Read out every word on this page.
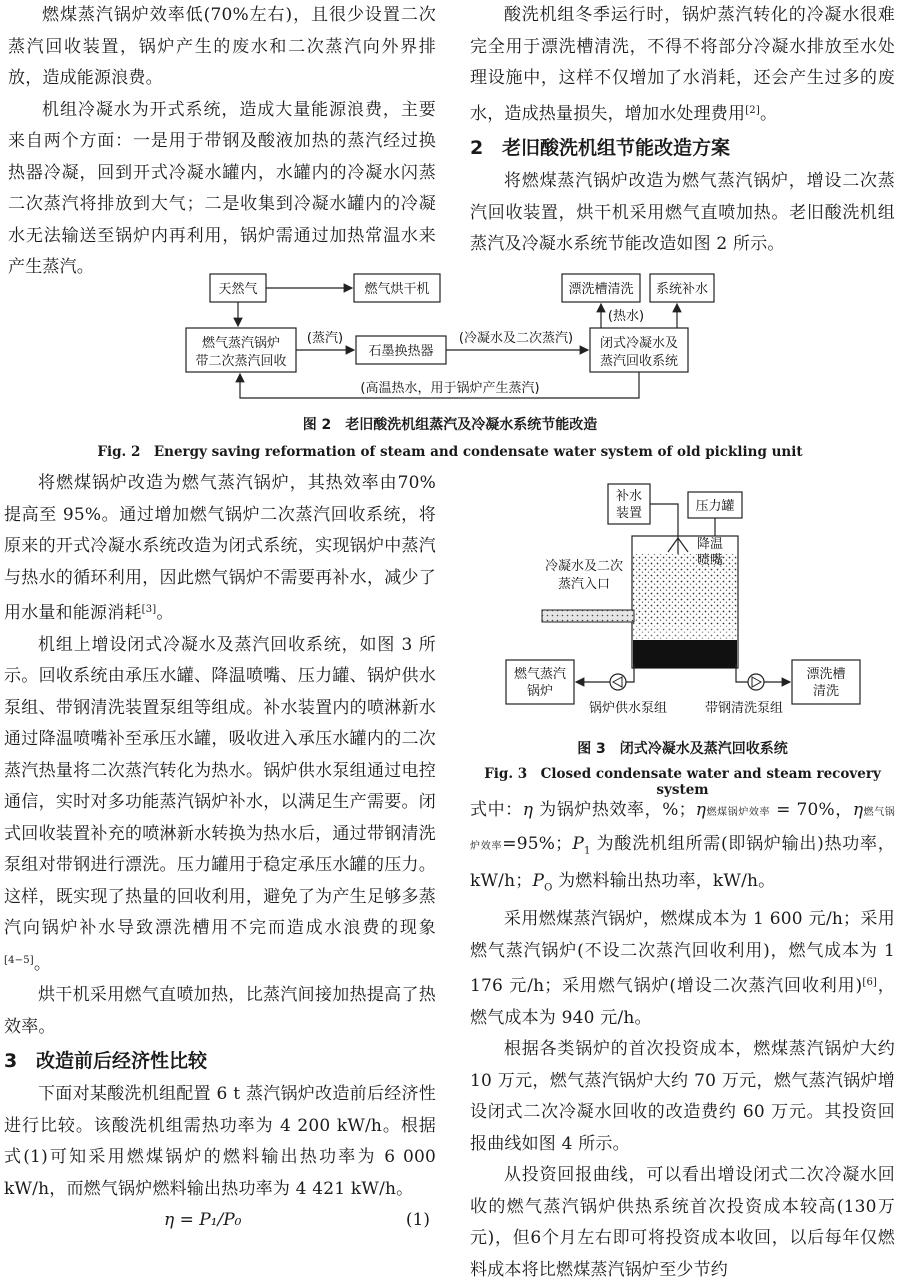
燃煤蒸汽锅炉效率低(70%左右)，且很少设置二次蒸汽回收装置，锅炉产生的废水和二次蒸汽向外界排放，造成能源浪费。

机组冷凝水为开式系统，造成大量能源浪费，主要来自两个方面：一是用于带钢及酸液加热的蒸汽经过换热器冷凝，回到开式冷凝水罐内，水罐内的冷凝水闪蒸二次蒸汽将排放到大气；二是收集到冷凝水罐内的冷凝水无法输送至锅炉内再利用，锅炉需通过加热常温水来产生蒸汽。

酸洗机组冬季运行时，锅炉蒸汽转化的冷凝水很难完全用于漂洗槽清洗，不得不将部分冷凝水排放至水处理设施中，这样不仅增加了水消耗，还会产生过多的废水，造成热量损失，增加水处理费用[2]。

2 老旧酸洗机组节能改造方案

将燃煤蒸汽锅炉改造为燃气蒸汽锅炉，增设二次蒸汽回收装置，烘干机采用燃气直喷加热。老旧酸洗机组蒸汽及冷凝水系统节能改造如图 2 所示。

天然气	燃气烘干机
燃气蒸汽锅炉
带二次蒸汽回收
(蒸汽)
石墨换热器
(冷凝水及二次蒸汽) 闭式冷凝水及
蒸汽回收系统
(热水)
漂洗槽清洗 系统补水
(高温热水，用于锅炉产生蒸汽)
图 2　老旧酸洗机组蒸汽及冷凝水系统节能改造
Fig. 2　Energy saving reformation of steam and condensate water system of old pickling unit

将燃煤锅炉改造为燃气蒸汽锅炉，其热效率由70%提高至 95%。通过增加燃气锅炉二次蒸汽回收系统，将原来的开式冷凝水系统改造为闭式系统，实现锅炉中蒸汽与热水的循环利用，因此燃气锅炉不需要再补水，减少了用水量和能源消耗[3]。

机组上增设闭式冷凝水及蒸汽回收系统，如图 3 所示。回收系统由承压水罐、降温喷嘴、压力罐、锅炉供水泵组、带钢清洗装置泵组等组成。补水装置内的喷淋新水通过降温喷嘴补至承压水罐，吸收进入承压水罐内的二次蒸汽热量将二次蒸汽转化为热水。锅炉供水泵组通过电控通信，实时对多功能蒸汽锅炉补水，以满足生产需要。闭式回收装置补充的喷淋新水转换为热水后，通过带钢清洗泵组对带钢进行漂洗。压力罐用于稳定承压水罐的压力。这样，既实现了热量的回收利用，避免了为产生足够多蒸汽向锅炉补水导致漂洗槽用不完而造成水浪费的现象[4−5]。

烘干机采用燃气直喷加热，比蒸汽间接加热提高了热效率。

3 改造前后经济性比较

下面对某酸洗机组配置 6 t 蒸汽锅炉改造前后经济性进行比较。该酸洗机组需热功率为 4 200 kW/h。根据式(1)可知采用燃煤锅炉的燃料输出热功率为 6 000 kW/h，而燃气锅炉燃料输出热功率为 4 421 kW/h。

η = P₁/P₀	(1)
补水
装置	压力罐
降温
喷嘴
冷凝水及二次
蒸汽入口
燃气蒸汽
锅炉
锅炉供水泵组	带钢清洗泵组
漂洗槽
清洗
图 3　闭式冷凝水及蒸汽回收系统
Fig. 3　Closed condensate water and steam recovery system

式中：η 为锅炉热效率，%；η燃煤锅炉效率 = 70%，η燃气锅炉效率=95%；$P_1$ 为酸洗机组所需(即锅炉输出)热功率，kW/h；$P_O$ 为燃料输出热功率，kW/h。

采用燃煤蒸汽锅炉，燃煤成本为 1 600 元/h；采用燃气蒸汽锅炉(不设二次蒸汽回收利用)，燃气成本为 1 176 元/h；采用燃气锅炉(增设二次蒸汽回收利用)[6]，燃气成本为 940 元/h。

根据各类锅炉的首次投资成本，燃煤蒸汽锅炉大约 10 万元，燃气蒸汽锅炉大约 70 万元，燃气蒸汽锅炉增设闭式二次冷凝水回收的改造费约 60 万元。其投资回报曲线如图 4 所示。

从投资回报曲线，可以看出增设闭式二次冷凝水回收的燃气蒸汽锅炉供热系统首次投资成本较高(130万元)，但6个月左右即可将投资成本收回，以后每年仅燃料成本将比燃煤蒸汽锅炉至少节约
